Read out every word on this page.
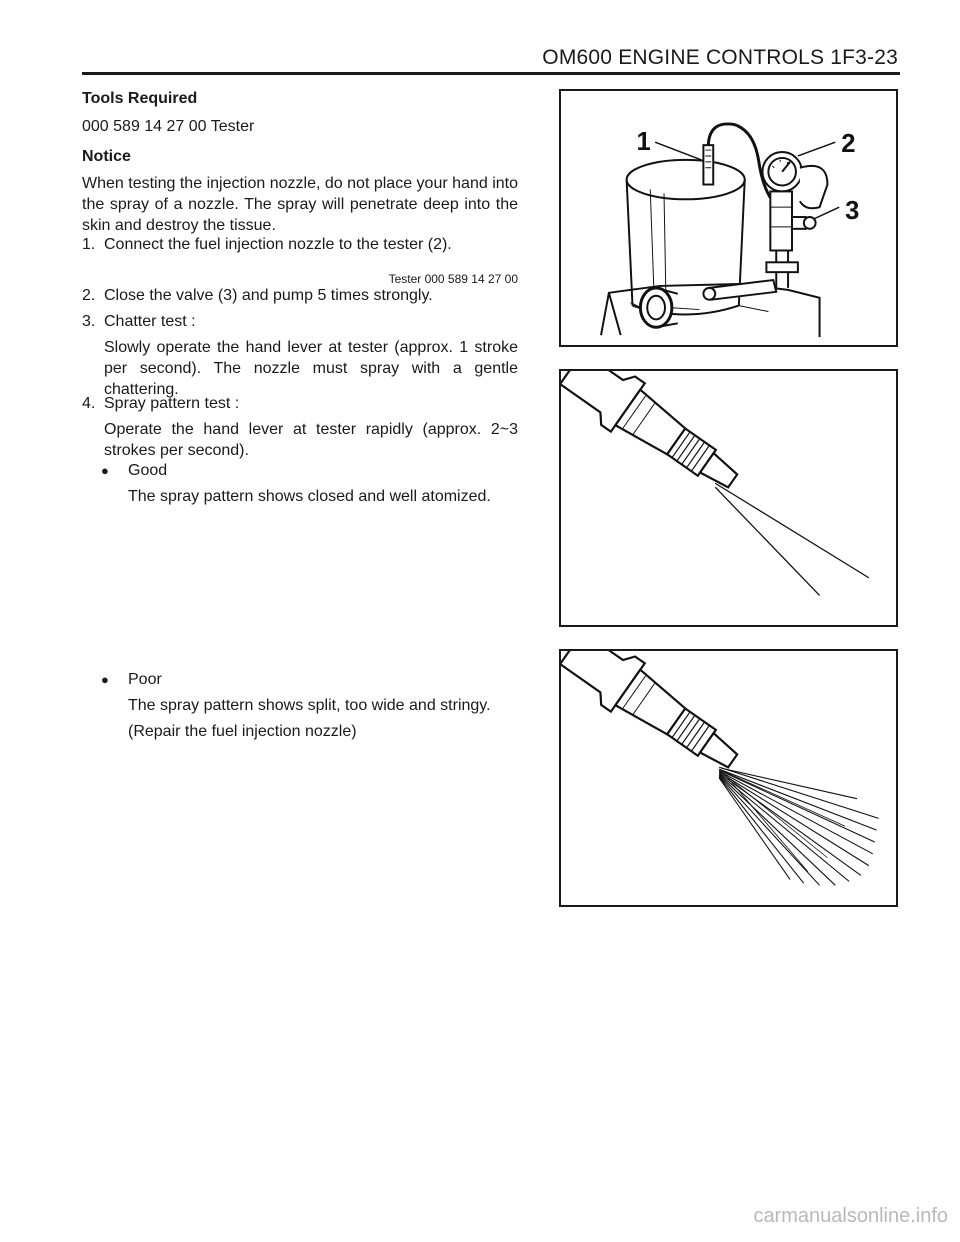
OM600 ENGINE CONTROLS 1F3-23
Tools Required
000 589 14 27 00 Tester
Notice
When testing the injection nozzle, do not place your hand into the spray of a nozzle. The spray will penetrate deep into the skin and destroy the tissue.
1. Connect the fuel injection nozzle to the tester (2).
Tester 000 589 14 27 00
2. Close the valve (3) and pump 5 times strongly.
3. Chatter test :
Slowly operate the hand lever at tester (approx. 1 stroke per second). The nozzle must spray with a gentle chattering.
4. Spray pattern test :
Operate the hand lever at tester rapidly (approx. 2~3 strokes per second).
●	Good
The spray pattern shows closed and well atomized.
●	Poor
The spray pattern shows split, too wide and stringy.
(Repair the fuel injection nozzle)
1	2
3
carmanualsonline.info
